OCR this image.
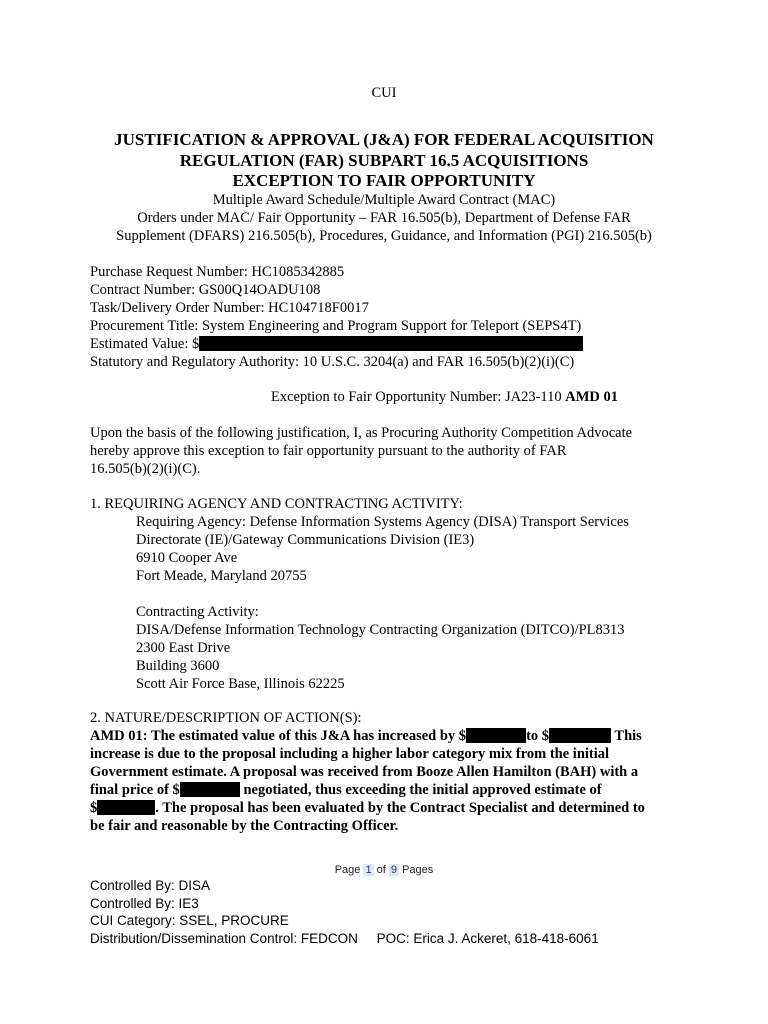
CUI
JUSTIFICATION & APPROVAL (J&A) FOR FEDERAL ACQUISITION
REGULATION (FAR) SUBPART 16.5 ACQUISITIONS
EXCEPTION TO FAIR OPPORTUNITY
Multiple Award Schedule/Multiple Award Contract (MAC)
Orders under MAC/ Fair Opportunity – FAR 16.505(b), Department of Defense FAR
Supplement (DFARS) 216.505(b), Procedures, Guidance, and Information (PGI) 216.505(b)
Purchase Request Number: HC1085342885
Contract Number: GS00Q14OADU108
Task/Delivery Order Number: HC104718F0017
Procurement Title: System Engineering and Program Support for Teleport (SEPS4T)
Estimated Value: $
Statutory and Regulatory Authority: 10 U.S.C. 3204(a) and FAR 16.505(b)(2)(i)(C)
Exception to Fair Opportunity Number: JA23-110 AMD 01
Upon the basis of the following justification, I, as Procuring Authority Competition Advocate
hereby approve this exception to fair opportunity pursuant to the authority of FAR
16.505(b)(2)(i)(C).
1. REQUIRING AGENCY AND CONTRACTING ACTIVITY:
Requiring Agency: Defense Information Systems Agency (DISA) Transport Services
Directorate (IE)/Gateway Communications Division (IE3)
6910 Cooper Ave
Fort Meade, Maryland 20755
Contracting Activity:
DISA/Defense Information Technology Contracting Organization (DITCO)/PL8313
2300 East Drive
Building 3600
Scott Air Force Base, Illinois 62225
2. NATURE/DESCRIPTION OF ACTION(S):
AMD 01: The estimated value of this J&A has increased by $	to $	This
increase is due to the proposal including a higher labor category mix from the initial
Government estimate. A proposal was received from Booze Allen Hamilton (BAH) with a
final price of $	negotiated, thus exceeding the initial approved estimate of
$	. The proposal has been evaluated by the Contract Specialist and determined to
be fair and reasonable by the Contracting Officer.
Page 1 of 9 Pages
Controlled By: DISA
Controlled By: IE3
CUI Category: SSEL, PROCURE
Distribution/Dissemination Control: FEDCON     POC: Erica J. Ackeret, 618-418-6061
